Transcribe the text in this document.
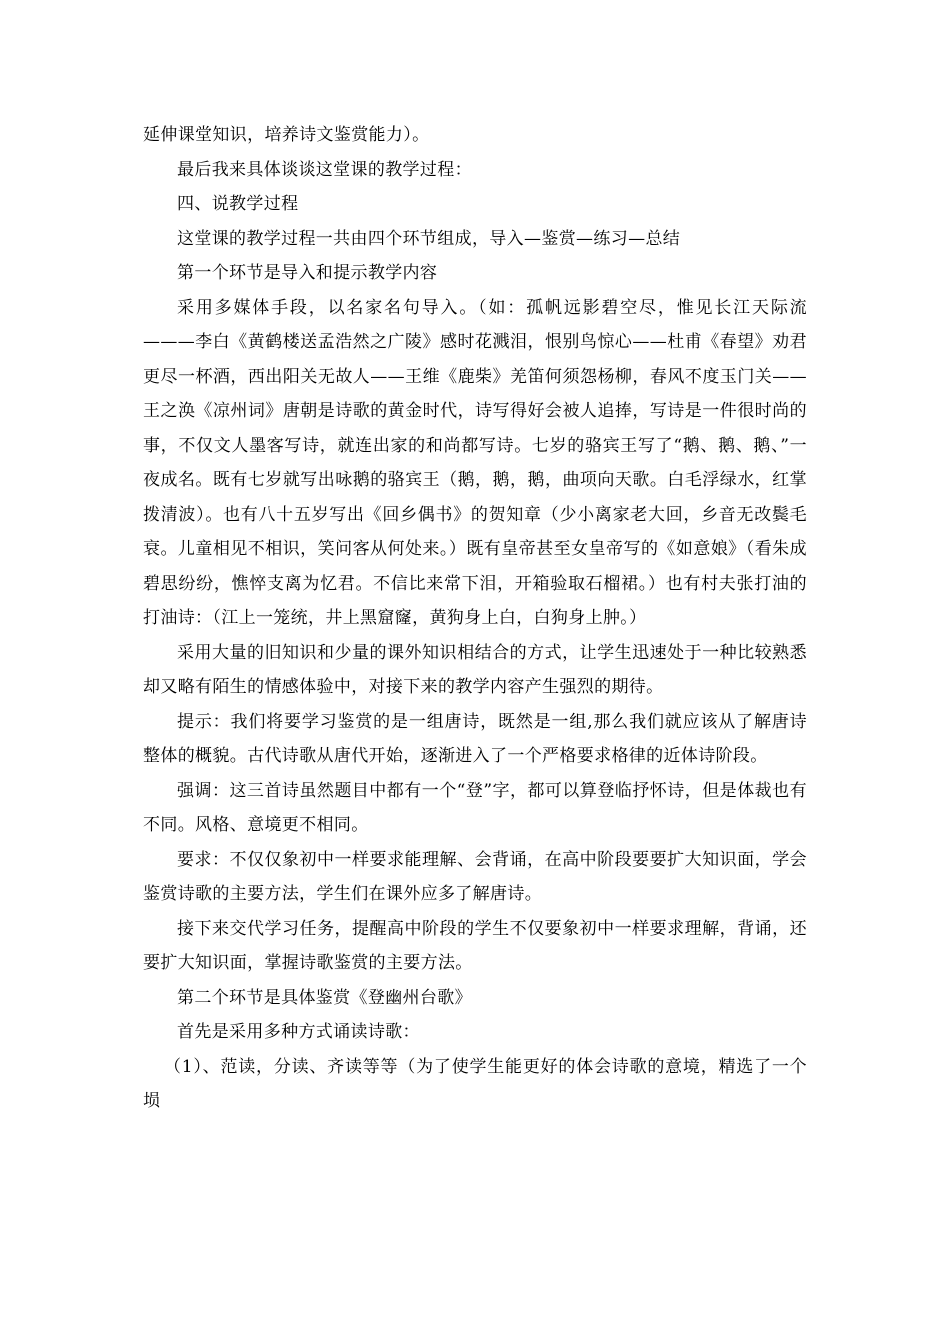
延伸课堂知识，培养诗文鉴赏能力）。

最后我来具体谈谈这堂课的教学过程：

四、说教学过程

这堂课的教学过程一共由四个环节组成，导入—鉴赏—练习—总结

第一个环节是导入和提示教学内容

采用多媒体手段，以名家名句导入。（如：孤帆远影碧空尽，惟见长江天际流———李白《黄鹤楼送孟浩然之广陵》感时花溅泪，恨别鸟惊心——杜甫《春望》劝君更尽一杯酒，西出阳关无故人——王维《鹿柴》羌笛何须怨杨柳，春风不度玉门关——王之涣《凉州词》唐朝是诗歌的黄金时代，诗写得好会被人追捧，写诗是一件很时尚的事，不仅文人墨客写诗，就连出家的和尚都写诗。七岁的骆宾王写了“鹅、鹅、鹅、”一夜成名。既有七岁就写出咏鹅的骆宾王（鹅，鹅，鹅，曲项向天歌。白毛浮绿水，红掌拨清波）。也有八十五岁写出《回乡偶书》的贺知章（少小离家老大回，乡音无改鬓毛衰。儿童相见不相识，笑问客从何处来。）既有皇帝甚至女皇帝写的《如意娘》（看朱成碧思纷纷，憔悴支离为忆君。不信比来常下泪，开箱验取石榴裙。）也有村夫张打油的打油诗：（江上一笼统，井上黑窟窿，黄狗身上白，白狗身上肿。）

采用大量的旧知识和少量的课外知识相结合的方式，让学生迅速处于一种比较熟悉却又略有陌生的情感体验中，对接下来的教学内容产生强烈的期待。

提示：我们将要学习鉴赏的是一组唐诗，既然是一组,那么我们就应该从了解唐诗整体的概貌。古代诗歌从唐代开始，逐渐进入了一个严格要求格律的近体诗阶段。

强调：这三首诗虽然题目中都有一个“登”字，都可以算登临抒怀诗，但是体裁也有不同。风格、意境更不相同。

要求：不仅仅象初中一样要求能理解、会背诵，在高中阶段要要扩大知识面，学会鉴赏诗歌的主要方法，学生们在课外应多了解唐诗。

接下来交代学习任务，提醒高中阶段的学生不仅要象初中一样要求理解，背诵，还要扩大知识面，掌握诗歌鉴赏的主要方法。

第二个环节是具体鉴赏《登幽州台歌》

首先是采用多种方式诵读诗歌：

（1）、范读，分读、齐读等等（为了使学生能更好的体会诗歌的意境，精选了一个埙
